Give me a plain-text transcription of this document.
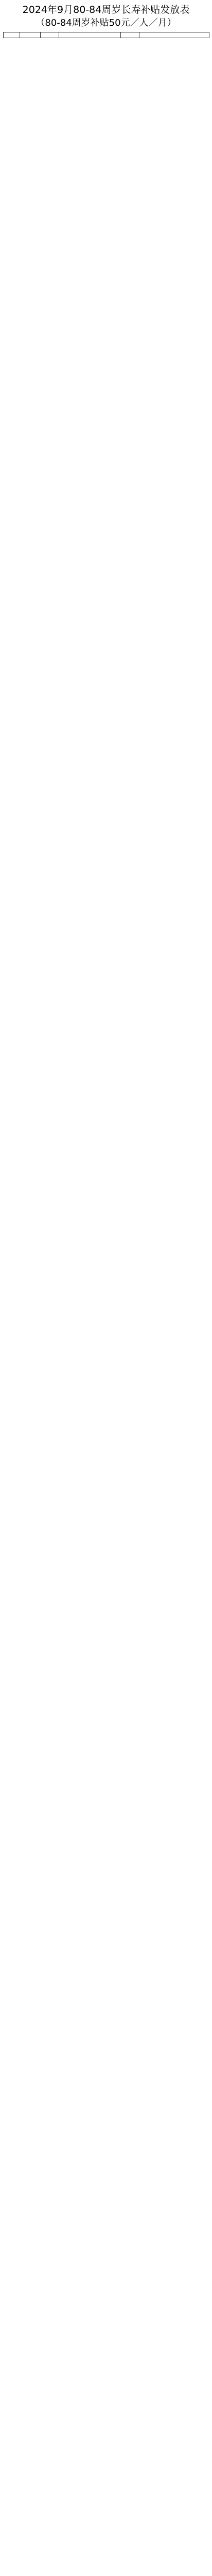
2024年9月80-84周岁长寿补贴发放表
（80-84周岁补贴50元／人／月）
